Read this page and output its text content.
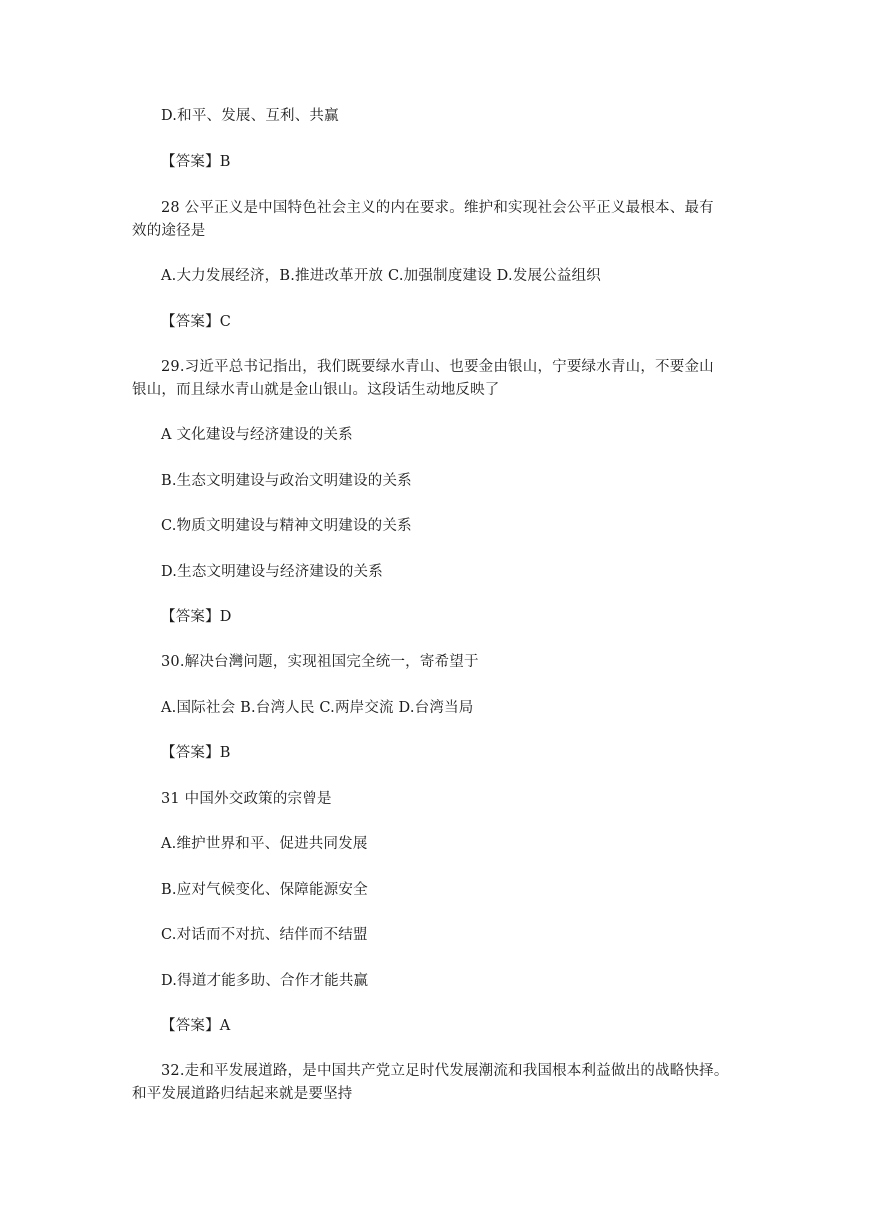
D.和平、发展、互利、共赢
【答案】B
28 公平正义是中国特色社会主义的内在要求。维护和实现社会公平正义最根本、最有
效的途径是
A.大力发展经济，B.推进改革开放 C.加强制度建设 D.发展公益组织
【答案】C
29.习近平总书记指出，我们既要绿水青山、也要金由银山，宁要绿水青山，不要金山
银山，而且绿水青山就是金山银山。这段话生动地反映了
A 文化建设与经济建设的关系
B.生态文明建设与政治文明建设的关系
C.物质文明建设与精神文明建设的关系
D.生态文明建设与经济建设的关系
【答案】D
30.解决台灣问题，实现祖国完全统一，寄希望于
A.国际社会 B.台湾人民 C.两岸交流 D.台湾当局
【答案】B
31 中国外交政策的宗曾是
A.维护世界和平、促进共同发展
B.应对气候变化、保障能源安全
C.对话而不对抗、结伴而不结盟
D.得道才能多助、合作才能共赢
【答案】A
32.走和平发展道路，是中国共产党立足时代发展潮流和我国根本利益做出的战略快择。
和平发展道路归结起来就是要坚持
